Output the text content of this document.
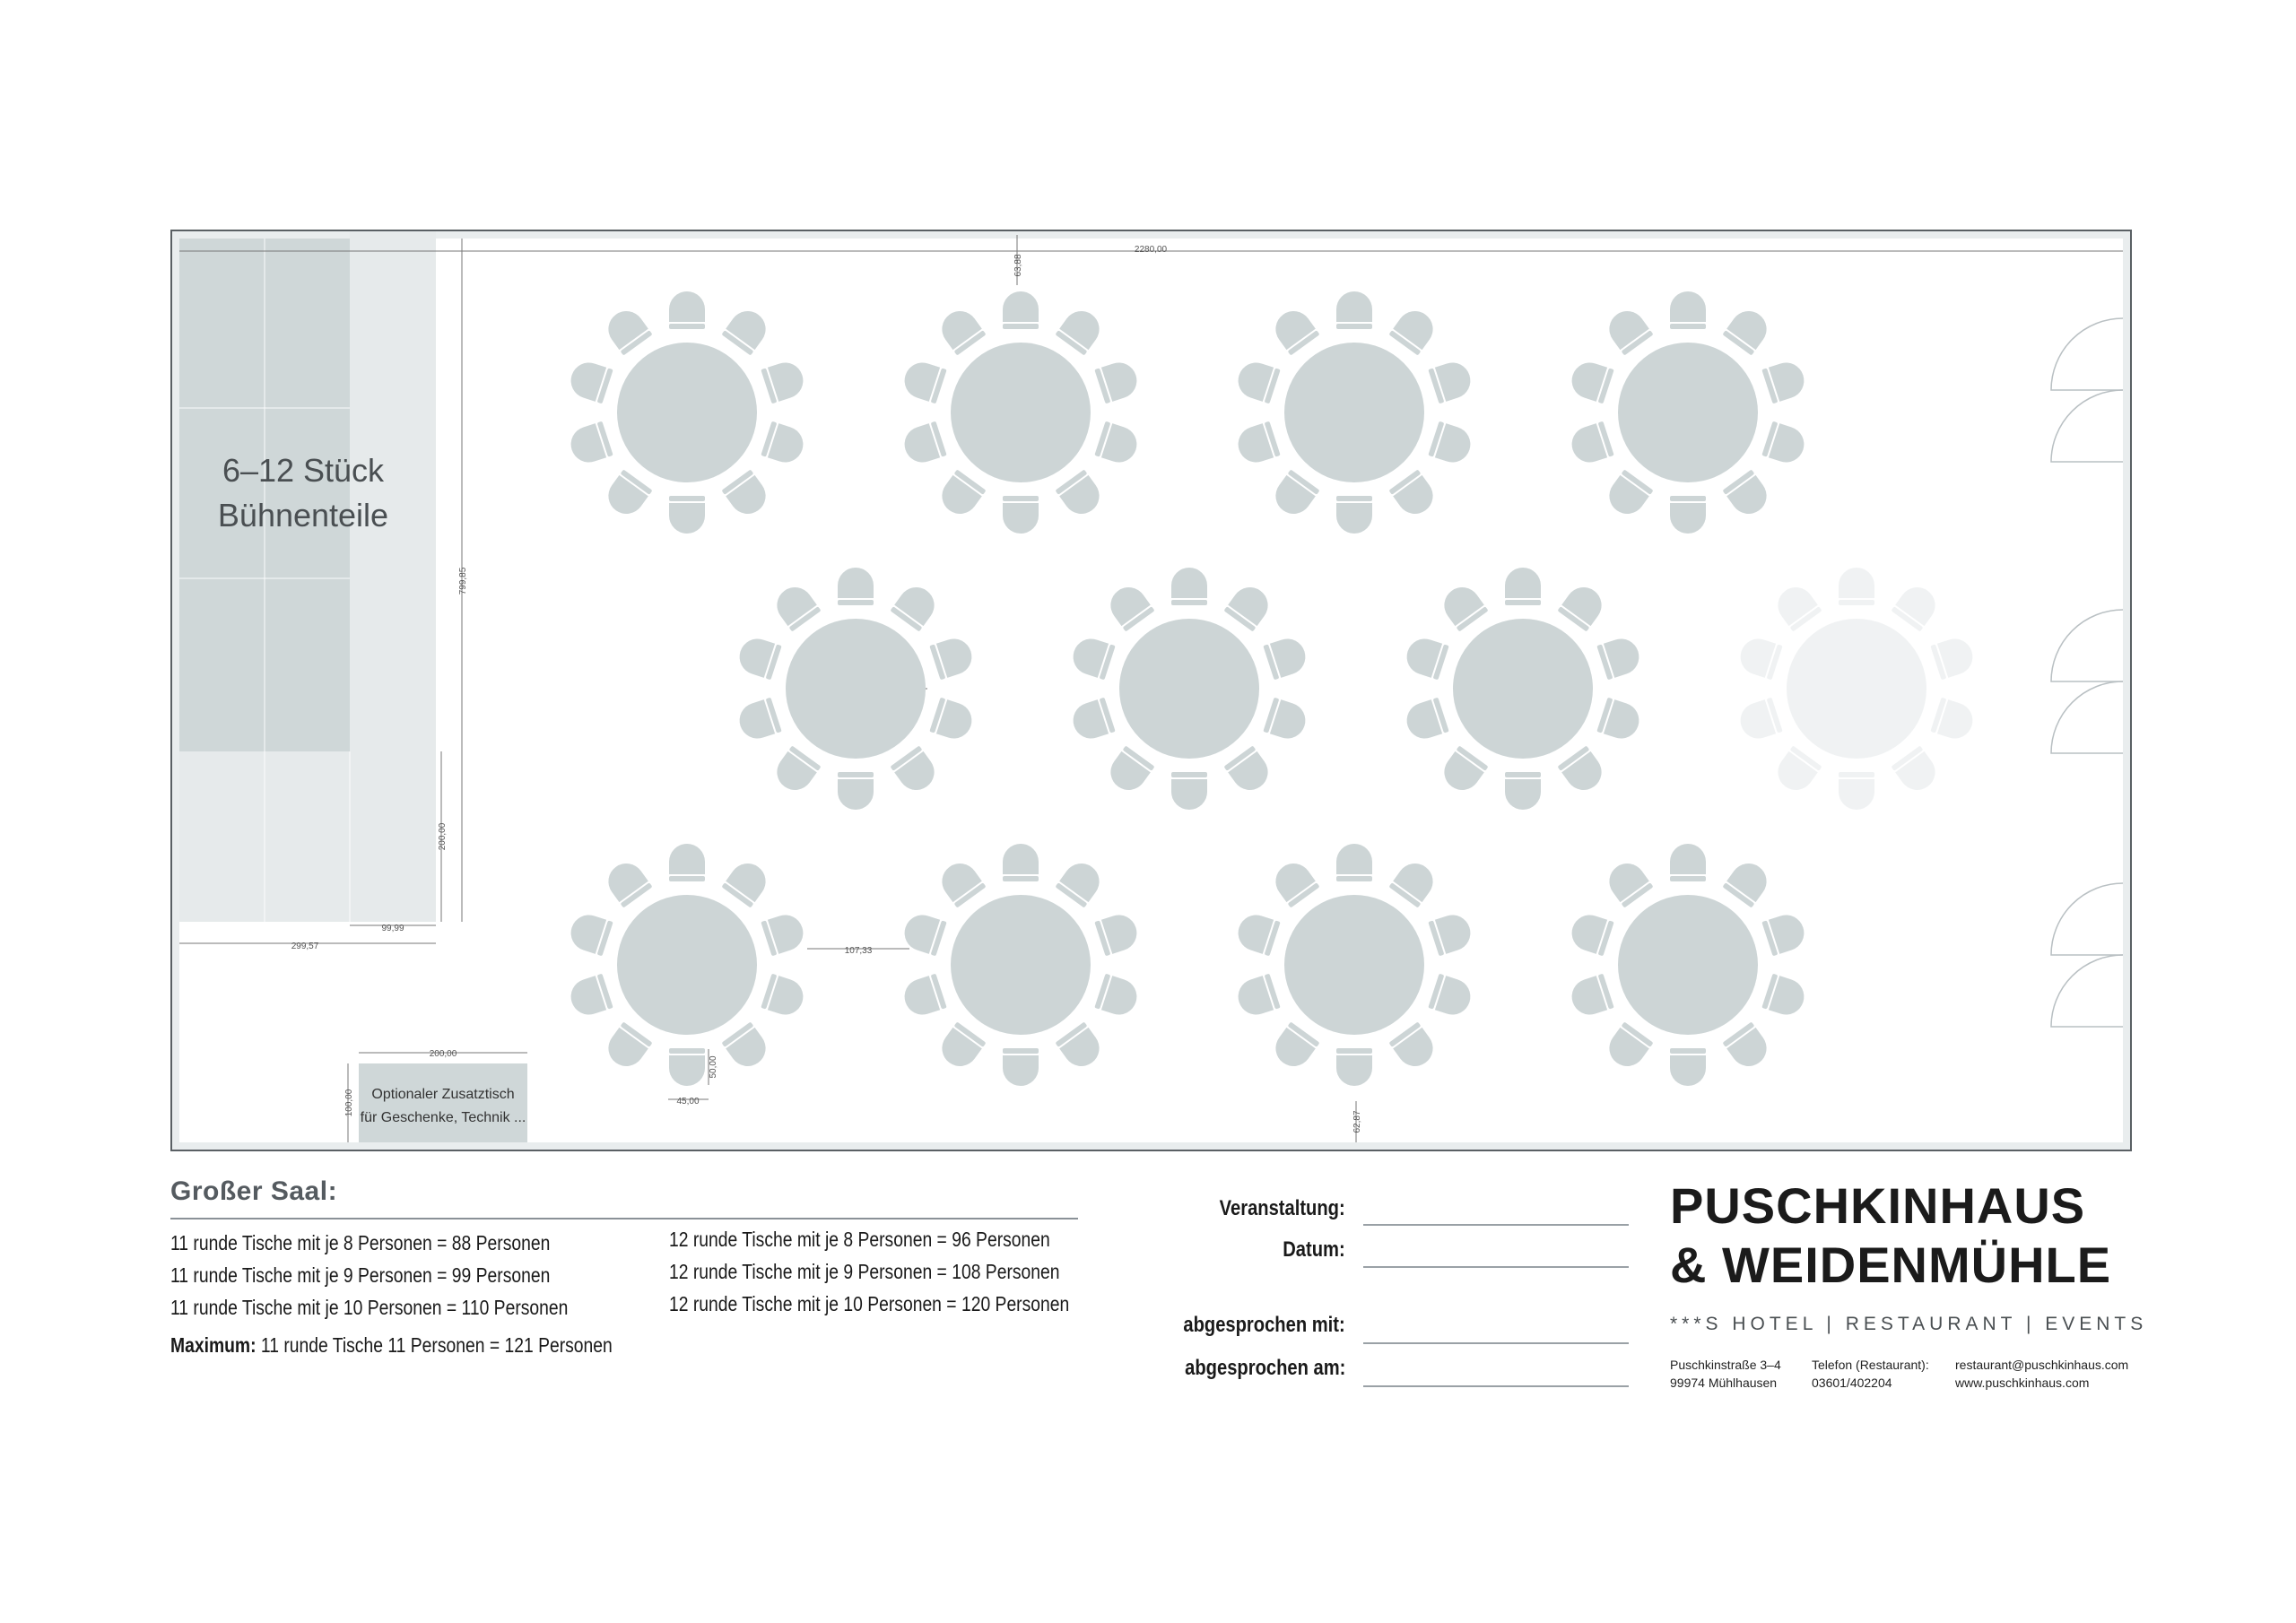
6–12 Stück
Bühnenteile
2280,00
63,88
799,85
200,00
99,99
299,57	107,33
50,00
45,00
62,87
200,00
100,00 Optionaler Zusatztisch
für Geschenke, Technik ...
Großer Saal:
11 runde Tische mit je 8 Personen = 88 Personen
11 runde Tische mit je 9 Personen = 99 Personen
11 runde Tische mit je 10 Personen = 110 Personen
12 runde Tische mit je 8 Personen = 96 Personen
12 runde Tische mit je 9 Personen = 108 Personen
12 runde Tische mit je 10 Personen = 120 Personen
Maximum: 11 runde Tische 11 Personen = 121 Personen
Veranstaltung:
Datum:
abgesprochen mit:
abgesprochen am:
PUSCHKINHAUS
& WEIDENMÜHLE
***S HOTEL | RESTAURANT | EVENTS
Puschkinstraße 3–4
99974 Mühlhausen
Telefon (Restaurant):
03601/402204
restaurant@puschkinhaus.com
www.puschkinhaus.com
